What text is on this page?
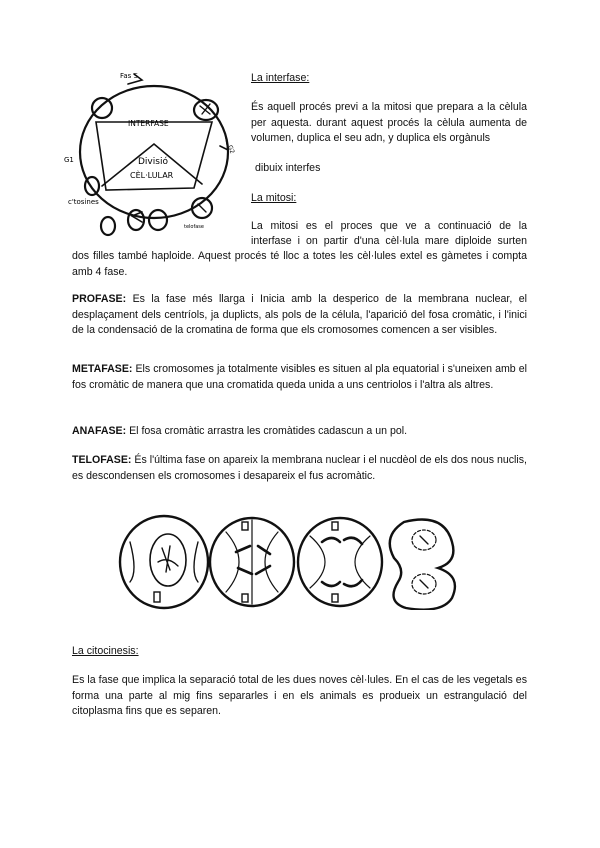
Fas S
INTERFASE
Divisió
CÈL·LULAR
G1
G2
c'tosines
telofase

La interfase:

És aquell procés previ a la mitosi que prepara a la cèlula per aquesta. durant aquest procés la cèlula aumenta de volumen, duplica el seu adn, y duplica els orgànuls

dibuix interfes

La mitosi:

La mitosi es el proces que ve a continuació de la

interfase i on partir d'una cèl·lula mare diploide surten

dos filles també haploide. Aquest procés té lloc a totes les cèl·lules extel es gàmetes i compta amb 4 fase.

PROFASE: Es la fase més llarga i Inicia amb la desperico de la membrana nuclear, el desplaçament dels centríols, ja duplicts, als pols de la célula, l'aparició del fosa cromàtic, i l'inici de la condensació de la cromatina de forma que els cromosomes comencen a ser visibles.

METAFASE: Els cromosomes ja totalmente visibles es situen al pla equatorial i s'uneixen amb el fos cromàtic de manera que una cromatida queda unida a uns centriolos i l'altra als altres.

ANAFASE: El fosa cromàtic arrastra les cromàtides cadascun a un pol.

TELOFASE: És l'última fase on apareix la membrana nuclear i el nucdèol de els dos nous nuclis, es descondensen els cromosomes i desapareix el fus acromàtic.

La citocinesis:

Es la fase que implica la separació total de les dues noves cèl·lules. En el cas de les vegetals es forma una parte al mig fins separarles i en els animals es produeix un estrangulació del citoplasma fins que es separen.
